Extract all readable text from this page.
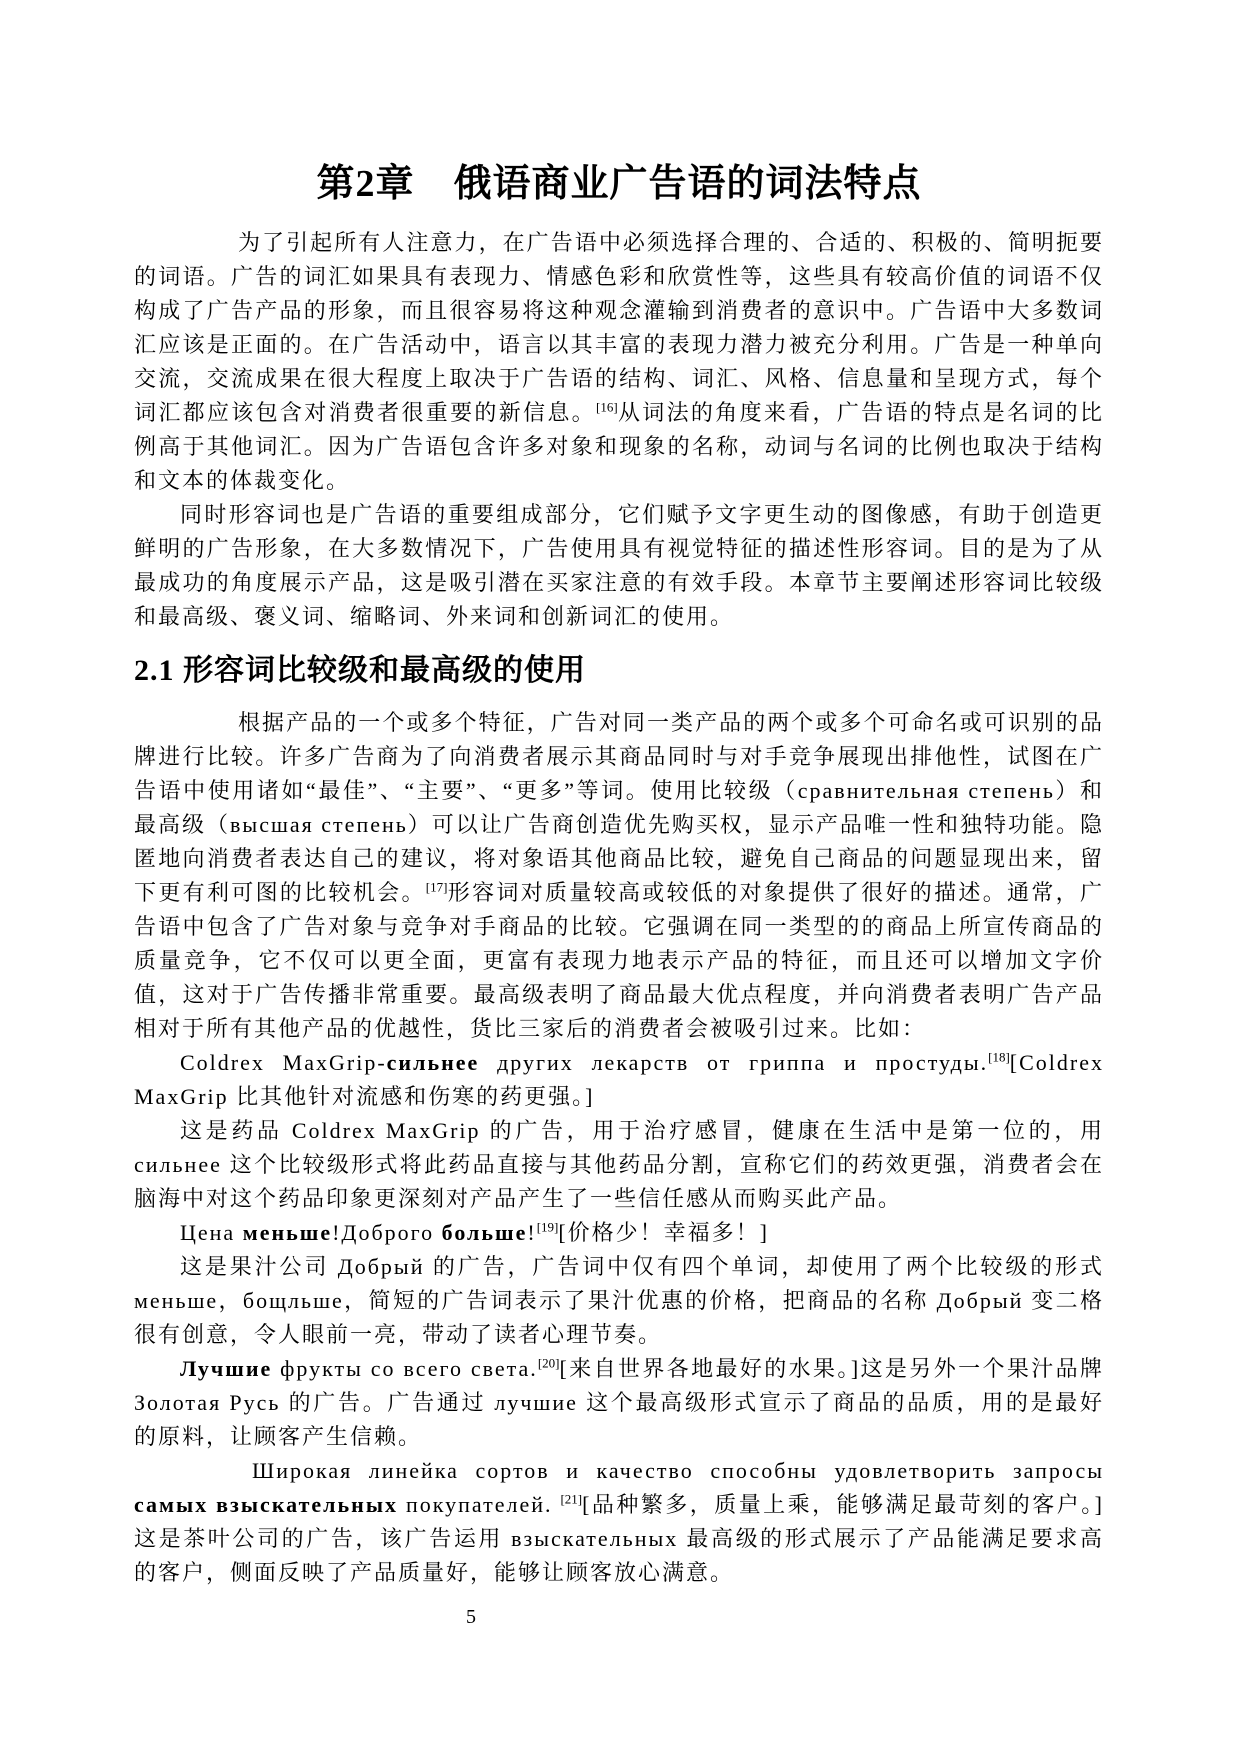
第2章　俄语商业广告语的词法特点

为了引起所有人注意力，在广告语中必须选择合理的、合适的、积极的、简明扼要的词语。广告的词汇如果具有表现力、情感色彩和欣赏性等，这些具有较高价值的词语不仅构成了广告产品的形象，而且很容易将这种观念灌输到消费者的意识中。广告语中大多数词汇应该是正面的。在广告活动中，语言以其丰富的表现力潜力被充分利用。广告是一种单向交流，交流成果在很大程度上取决于广告语的结构、词汇、风格、信息量和呈现方式，每个词汇都应该包含对消费者很重要的新信息。[16]从词法的角度来看，广告语的特点是名词的比例高于其他词汇。因为广告语包含许多对象和现象的名称，动词与名词的比例也取决于结构和文本的体裁变化。

同时形容词也是广告语的重要组成部分，它们赋予文字更生动的图像感，有助于创造更鲜明的广告形象，在大多数情况下，广告使用具有视觉特征的描述性形容词。目的是为了从最成功的角度展示产品，这是吸引潜在买家注意的有效手段。本章节主要阐述形容词比较级和最高级、褒义词、缩略词、外来词和创新词汇的使用。

2.1 形容词比较级和最高级的使用

根据产品的一个或多个特征，广告对同一类产品的两个或多个可命名或可识别的品牌进行比较。许多广告商为了向消费者展示其商品同时与对手竞争展现出排他性，试图在广告语中使用诸如“最佳”、“主要”、“更多”等词。使用比较级（сравнительная степень）和最高级（высшая степень）可以让广告商创造优先购买权，显示产品唯一性和独特功能。隐匿地向消费者表达自己的建议，将对象语其他商品比较，避免自己商品的问题显现出来，留下更有利可图的比较机会。[17]形容词对质量较高或较低的对象提供了很好的描述。通常，广告语中包含了广告对象与竞争对手商品的比较。它强调在同一类型的的商品上所宣传商品的质量竞争，它不仅可以更全面，更富有表现力地表示产品的特征，而且还可以增加文字价值，这对于广告传播非常重要。最高级表明了商品最大优点程度，并向消费者表明广告产品相对于所有其他产品的优越性，货比三家后的消费者会被吸引过来。比如：

Coldrex MaxGrip-сильнее других лекарств от гриппа и простуды.[18][Coldrex MaxGrip 比其他针对流感和伤寒的药更强。]

这是药品 Coldrex MaxGrip 的广告，用于治疗感冒，健康在生活中是第一位的，用 сильнее 这个比较级形式将此药品直接与其他药品分割，宣称它们的药效更强，消费者会在脑海中对这个药品印象更深刻对产品产生了一些信任感从而购买此产品。

Цена меньше!Доброго больше![19][价格少！幸福多！]

这是果汁公司 Добрый 的广告，广告词中仅有四个单词，却使用了两个比较级的形式 меньше，бощльше，简短的广告词表示了果汁优惠的价格，把商品的名称 Добрый 变二格很有创意，令人眼前一亮，带动了读者心理节奏。

Лучшие фрукты со всего света.[20][来自世界各地最好的水果。]这是另外一个果汁品牌 Золотая Русь 的广告。广告通过 лучшие 这个最高级形式宣示了商品的品质，用的是最好的原料，让顾客产生信赖。

Широкая линейка сортов и качество способны удовлетворить запросы самых взыскательных покупателей. [21][品种繁多，质量上乘，能够满足最苛刻的客户。]这是茶叶公司的广告，该广告运用 взыскательных 最高级的形式展示了产品能满足要求高的客户，侧面反映了产品质量好，能够让顾客放心满意。

5
